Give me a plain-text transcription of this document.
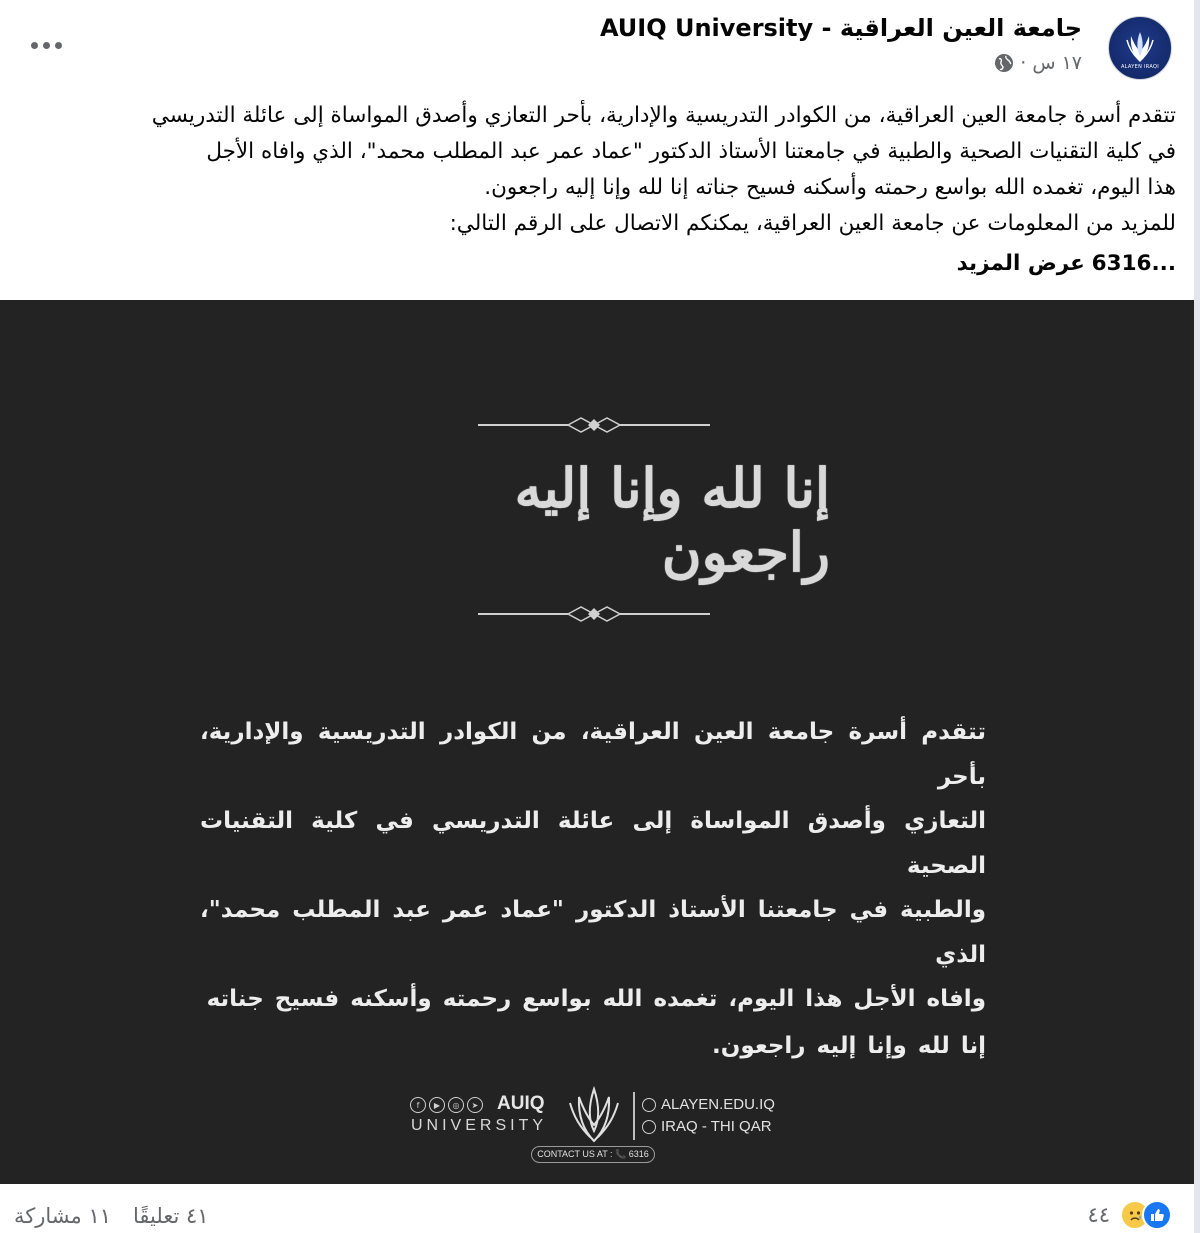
ALAYEN IRAQI
جامعة العين العراقية - AUIQ University
١٧ س
·
تتقدم أسرة جامعة العين العراقية، من الكوادر التدريسية والإدارية، بأحر التعازي وأصدق المواساة إلى عائلة التدريسي
في كلية التقنيات الصحية والطبية في جامعتنا الأستاذ الدكتور "عماد عمر عبد المطلب محمد"، الذي وافاه الأجل
هذا اليوم، تغمده الله بواسع رحمته وأسكنه فسيح جناته إنا لله وإنا إليه راجعون.
للمزيد من المعلومات عن جامعة العين العراقية، يمكنكم الاتصال على الرقم التالي:
6316... عرض المزيد
إنا لله وإنا إليه راجعون
تتقدم أسرة جامعة العين العراقية، من الكوادر التدريسية والإدارية، بأحر
التعازي وأصدق المواساة إلى عائلة التدريسي في كلية التقنيات الصحية
والطبية في جامعتنا الأستاذ الدكتور "عماد عمر عبد المطلب محمد"، الذي
وافاه الأجل هذا اليوم، تغمده الله بواسع رحمته وأسكنه فسيح جناته
إنا لله وإنا إليه راجعون.
f	▶	◎	➤ AUIQ
UNIVERSITY
ALAYEN.EDU.IQ
IRAQ - THI QAR
CONTACT US AT : 📞 6316
٤٤
٤١ تعليقًا
١١ مشاركة
